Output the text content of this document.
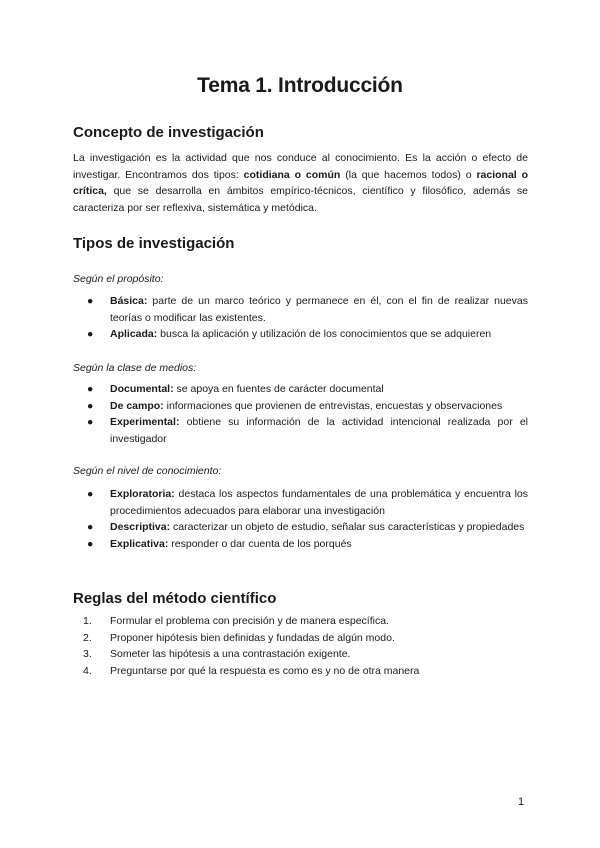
Tema 1. Introducción
Concepto de investigación

La investigación es la actividad que nos conduce al conocimiento. Es la acción o efecto de investigar. Encontramos dos tipos: cotidiana o común (la que hacemos todos) o racional o crítica, que se desarrolla en ámbitos empírico-técnicos, científico y filosófico, además se caracteriza por ser reflexiva, sistemática y metódica.

Tipos de investigación

Según el propósito:

● Básica: parte de un marco teórico y permanece en él, con el fin de realizar nuevas teorías o modificar las existentes.
● Aplicada: busca la aplicación y utilización de los conocimientos que se adquieren

Según la clase de medios:

● Documental: se apoya en fuentes de carácter documental
● De campo: informaciones que provienen de entrevistas, encuestas y observaciones
● Experimental: obtiene su información de la actividad intencional realizada por el investigador

Según el nivel de conocimiento:

● Exploratoria: destaca los aspectos fundamentales de una problemática y encuentra los procedimientos adecuados para elaborar una investigación
● Descriptiva: caracterizar un objeto de estudio, señalar sus características y propiedades
● Explicativa: responder o dar cuenta de los porqués
Reglas del método científico
1. Formular el problema con precisión y de manera específica.
2. Proponer hipótesis bien definidas y fundadas de algún modo.
3. Someter las hipótesis a una contrastación exigente.
4. Preguntarse por qué la respuesta es como es y no de otra manera
1
